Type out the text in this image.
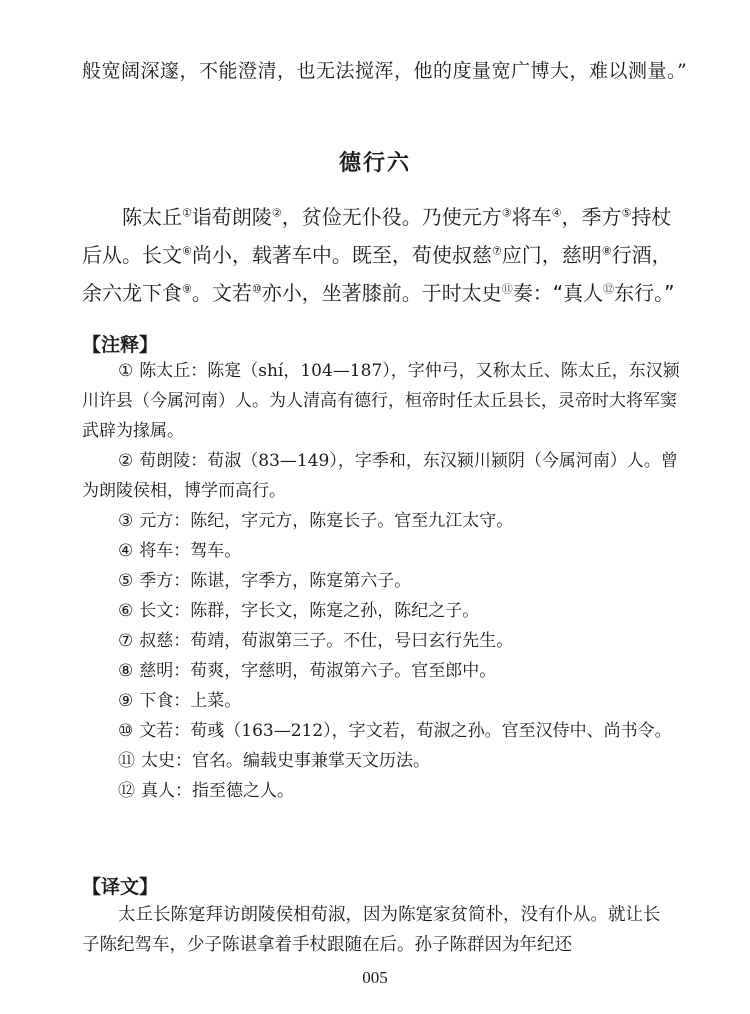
般宽阔深邃，不能澄清，也无法搅浑，他的度量宽广博大，难以测量。”
德行六

陈太丘①诣荀朗陵②，贫俭无仆役。乃使元方③将车④，季方⑤持杖后从。长文⑥尚小，载著车中。既至，荀使叔慈⑦应门，慈明⑧行酒，余六龙下食⑨。文若⑩亦小，坐著膝前。于时太史⑪奏：“真人⑫东行。”

【注释】
① 陈太丘：陈寔（shí，104—187），字仲弓，又称太丘、陈太丘，东汉颍川许县（今属河南）人。为人清高有德行，桓帝时任太丘县长，灵帝时大将军窦武辟为掾属。
② 荀朗陵：荀淑（83—149），字季和，东汉颍川颍阴（今属河南）人。曾为朗陵侯相，博学而高行。
③ 元方：陈纪，字元方，陈寔长子。官至九江太守。
④ 将车：驾车。
⑤ 季方：陈谌，字季方，陈寔第六子。
⑥ 长文：陈群，字长文，陈寔之孙，陈纪之子。
⑦ 叔慈：荀靖，荀淑第三子。不仕，号曰玄行先生。
⑧ 慈明：荀爽，字慈明，荀淑第六子。官至郎中。
⑨ 下食：上菜。
⑩ 文若：荀彧（163—212），字文若，荀淑之孙。官至汉侍中、尚书令。
⑪ 太史：官名。编载史事兼掌天文历法。
⑫ 真人：指至德之人。
【译文】

太丘长陈寔拜访朗陵侯相荀淑，因为陈寔家贫简朴，没有仆从。就让长子陈纪驾车，少子陈谌拿着手杖跟随在后。孙子陈群因为年纪还

005
